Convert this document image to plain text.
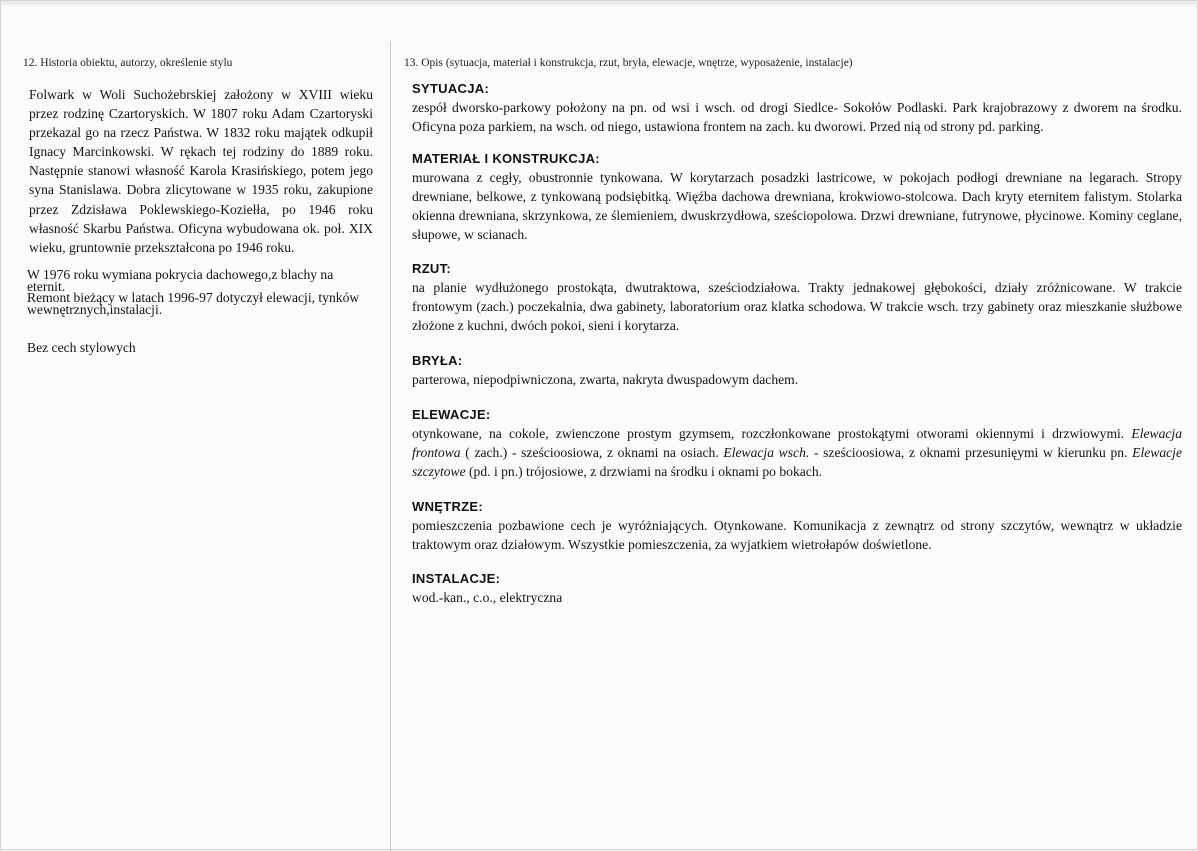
12. Historia obiektu, autorzy, określenie stylu

Folwark w Woli Suchożebrskiej założony w XVIII wieku przez rodzinę Czartoryskich. W 1807 roku Adam Czartoryski przekazal go na rzecz Państwa. W 1832 roku majątek odkupił Ignacy Marcinkowski. W rękach tej rodziny do 1889 roku. Następnie stanowi własność Karola Krasińskiego, potem jego syna Stanislawa. Dobra zlicytowane w 1935 roku, zakupione przez Zdzisława Poklewskiego-Koziełła, po 1946 roku własność Skarbu Państwa. Oficyna wybudowana ok. poł. XIX wieku, gruntownie przekształcona po 1946 roku.

W 1976 roku wymiana pokrycia dachowego,z blachy na eternit.
Remont bieżący w latach 1996-97 dotyczył elewacji, tynków wewnętrznych,instalacji.

Bez cech stylowych

13. Opis (sytuacja, materiał i konstrukcja, rzut, bryła, elewacje, wnętrze, wyposażenie, instalacje)

SYTUACJA:

zespół dworsko-parkowy położony na pn. od wsi i wsch. od drogi Siedlce- Sokołów Podlaski. Park krajobrazowy z dworem na środku. Oficyna poza parkiem, na wsch. od niego, ustawiona frontem na zach. ku dworowi. Przed nią od strony pd. parking.

MATERIAŁ I KONSTRUKCJA:

murowana z cegły, obustronnie tynkowana. W korytarzach posadzki lastricowe, w pokojach podłogi drewniane na legarach. Stropy drewniane, belkowe, z tynkowaną podsiębitką. Więźba dachowa drewniana, krokwiowo-stolcowa. Dach kryty eternitem falistym. Stolarka okienna drewniana, skrzynkowa, ze ślemieniem, dwuskrzydłowa, sześciopolowa. Drzwi drewniane, futrynowe, płycinowe. Kominy ceglane, słupowe, w scianach.

RZUT:

na planie wydłużonego prostokąta, dwutraktowa, sześciodziałowa. Trakty jednakowej głębokości, działy zróżnicowane. W trakcie frontowym (zach.) poczekalnia, dwa gabinety, laboratorium oraz klatka schodowa. W trakcie wsch. trzy gabinety oraz mieszkanie służbowe złożone z kuchni, dwóch pokoi, sieni i korytarza.

BRYŁA:

parterowa, niepodpiwniczona, zwarta, nakryta dwuspadowym dachem.

ELEWACJE:

otynkowane, na cokole, zwienczone prostym gzymsem, rozczłonkowane prostokątymi otworami okiennymi i drzwiowymi. Elewacja frontowa ( zach.) - sześcioosiowa, z oknami na osiach. Elewacja wsch. - sześcioosiowa, z oknami przesunięymi w kierunku pn. Elewacje szczytowe (pd. i pn.) trójosiowe, z drzwiami na środku i oknami po bokach.

WNĘTRZE:

pomieszczenia pozbawione cech je wyróżniających. Otynkowane. Komunikacja z zewnątrz od strony szczytów, wewnątrz w układzie traktowym oraz działowym. Wszystkie pomieszczenia, za wyjatkiem wietrołapów doświetlone.

INSTALACJE:

wod.-kan., c.o., elektryczna
